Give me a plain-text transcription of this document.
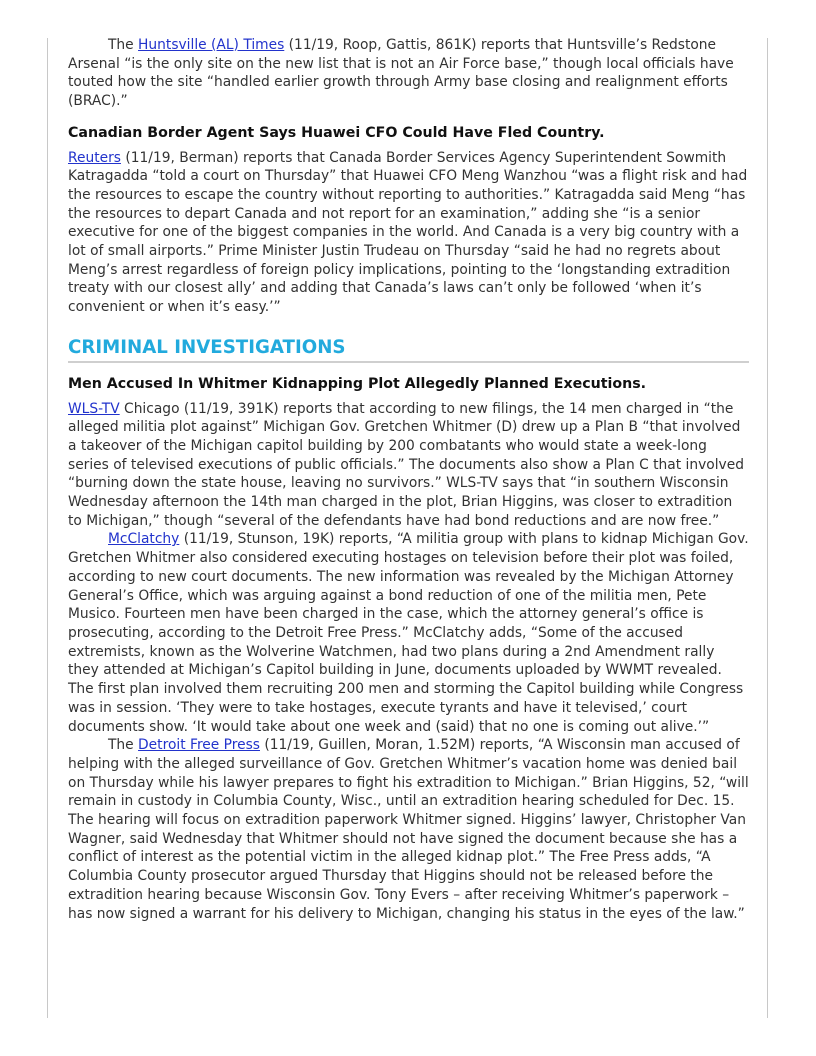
The Huntsville (AL) Times (11/19, Roop, Gattis, 861K) reports that Huntsville’s Redstone Arsenal “is the only site on the new list that is not an Air Force base,” though local officials have touted how the site “handled earlier growth through Army base closing and realignment efforts (BRAC).”

Canadian Border Agent Says Huawei CFO Could Have Fled Country.

Reuters (11/19, Berman) reports that Canada Border Services Agency Superintendent Sowmith Katragadda “told a court on Thursday” that Huawei CFO Meng Wanzhou “was a flight risk and had the resources to escape the country without reporting to authorities.” Katragadda said Meng “has the resources to depart Canada and not report for an examination,” adding she “is a senior executive for one of the biggest companies in the world. And Canada is a very big country with a lot of small airports.” Prime Minister Justin Trudeau on Thursday “said he had no regrets about Meng’s arrest regardless of foreign policy implications, pointing to the ‘longstanding extradition treaty with our closest ally’ and adding that Canada’s laws can’t only be followed ‘when it’s convenient or when it’s easy.’”

CRIMINAL INVESTIGATIONS

Men Accused In Whitmer Kidnapping Plot Allegedly Planned Executions.

WLS-TV Chicago (11/19, 391K) reports that according to new filings, the 14 men charged in “the alleged militia plot against” Michigan Gov. Gretchen Whitmer (D) drew up a Plan B “that involved a takeover of the Michigan capitol building by 200 combatants who would state a week-long series of televised executions of public officials.” The documents also show a Plan C that involved “burning down the state house, leaving no survivors.” WLS-TV says that “in southern Wisconsin Wednesday afternoon the 14th man charged in the plot, Brian Higgins, was closer to extradition to Michigan,” though “several of the defendants have had bond reductions and are now free.”

McClatchy (11/19, Stunson, 19K) reports, “A militia group with plans to kidnap Michigan Gov. Gretchen Whitmer also considered executing hostages on television before their plot was foiled, according to new court documents. The new information was revealed by the Michigan Attorney General’s Office, which was arguing against a bond reduction of one of the militia men, Pete Musico. Fourteen men have been charged in the case, which the attorney general’s office is prosecuting, according to the Detroit Free Press.” McClatchy adds, “Some of the accused extremists, known as the Wolverine Watchmen, had two plans during a 2nd Amendment rally they attended at Michigan’s Capitol building in June, documents uploaded by WWMT revealed. The first plan involved them recruiting 200 men and storming the Capitol building while Congress was in session. ‘They were to take hostages, execute tyrants and have it televised,’ court documents show. ‘It would take about one week and (said) that no one is coming out alive.’”

The Detroit Free Press (11/19, Guillen, Moran, 1.52M) reports, “A Wisconsin man accused of helping with the alleged surveillance of Gov. Gretchen Whitmer’s vacation home was denied bail on Thursday while his lawyer prepares to fight his extradition to Michigan.” Brian Higgins, 52, “will remain in custody in Columbia County, Wisc., until an extradition hearing scheduled for Dec. 15. The hearing will focus on extradition paperwork Whitmer signed. Higgins’ lawyer, Christopher Van Wagner, said Wednesday that Whitmer should not have signed the document because she has a conflict of interest as the potential victim in the alleged kidnap plot.” The Free Press adds, “A Columbia County prosecutor argued Thursday that Higgins should not be released before the extradition hearing because Wisconsin Gov. Tony Evers – after receiving Whitmer’s paperwork – has now signed a warrant for his delivery to Michigan, changing his status in the eyes of the law.”
